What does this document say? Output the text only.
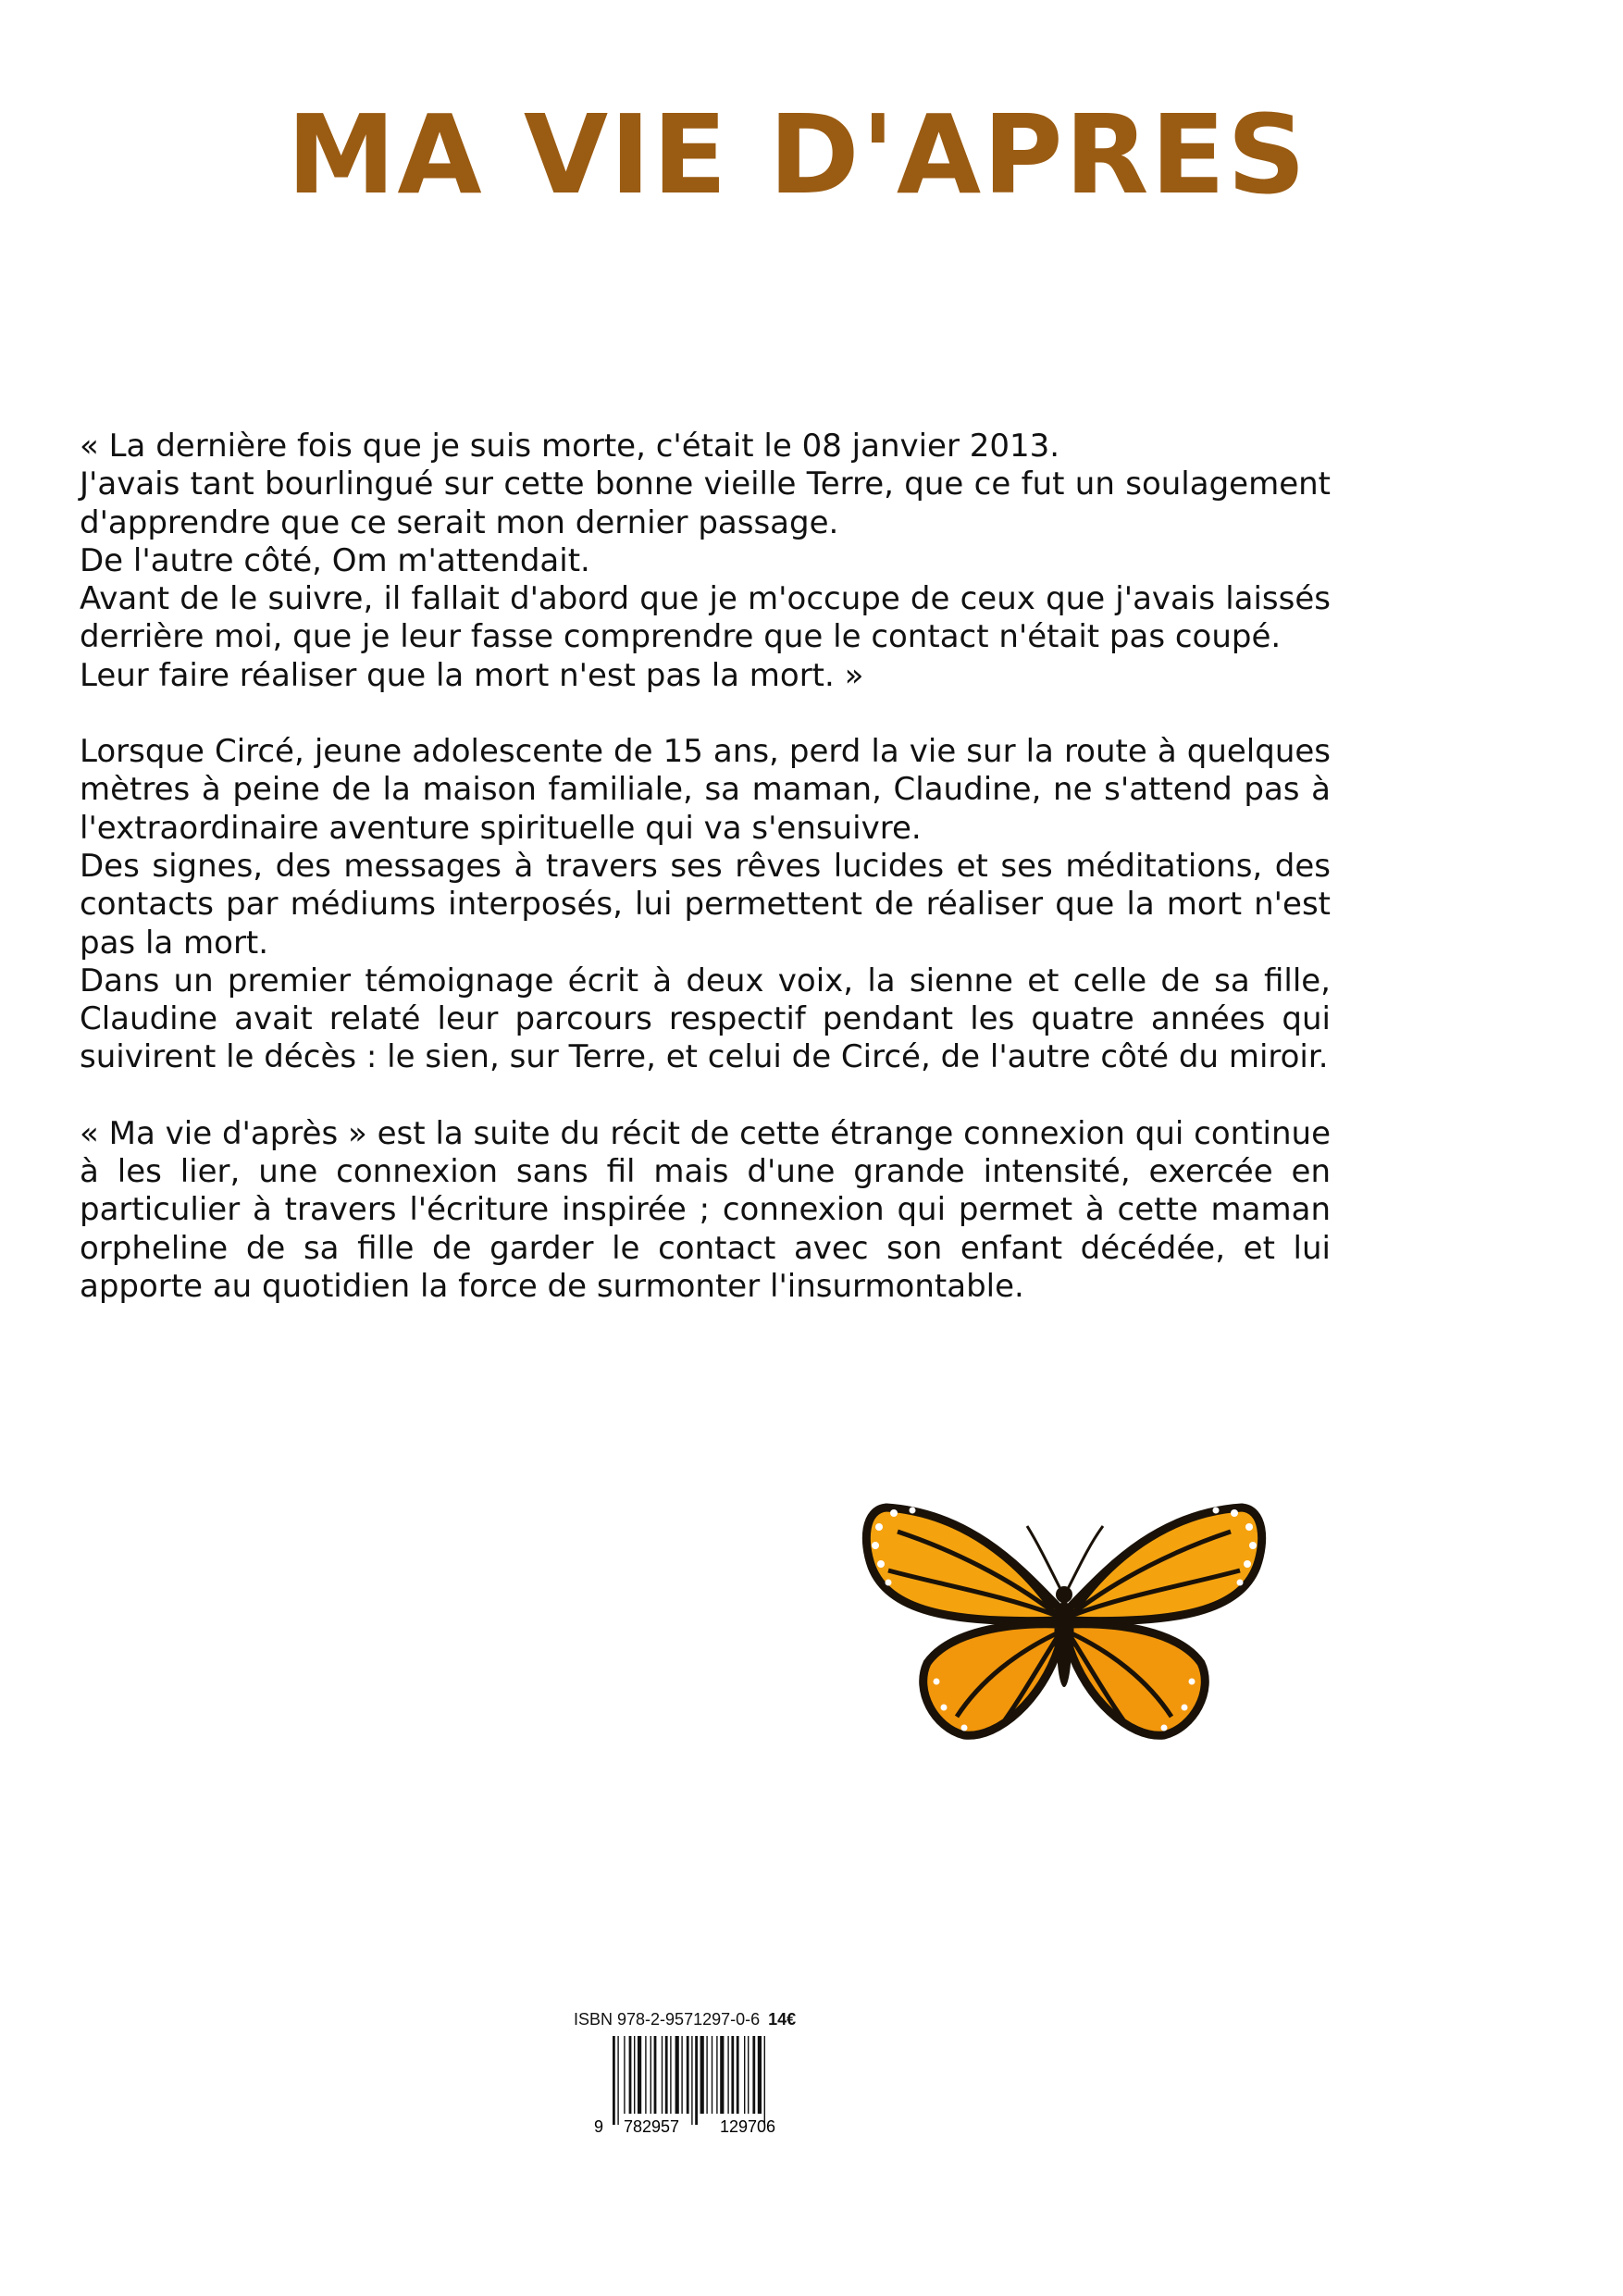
MA VIE D'APRES

« La dernière fois que je suis morte, c'était le 08 janvier 2013.
J'avais tant bourlingué sur cette bonne vieille Terre, que ce fut un soulagement d'apprendre que ce serait mon dernier passage.
De l'autre côté, Om m'attendait.
Avant de le suivre, il fallait d'abord que je m'occupe de ceux que j'avais laissés derrière moi, que je leur fasse comprendre que le contact n'était pas coupé.
Leur faire réaliser que la mort n'est pas la mort. »

Lorsque Circé, jeune adolescente de 15 ans, perd la vie sur la route à quelques mètres à peine de la maison familiale, sa maman, Claudine, ne s'attend pas à l'extraordinaire aventure spirituelle qui va s'ensuivre.
Des signes, des messages à travers ses rêves lucides et ses méditations, des contacts par médiums interposés, lui permettent de réaliser que la mort n'est pas la mort.
Dans un premier témoignage écrit à deux voix, la sienne et celle de sa fille, Claudine avait relaté leur parcours respectif pendant les quatre années qui suivirent le décès : le sien, sur Terre, et celui de Circé, de l'autre côté du miroir.

« Ma vie d'après » est la suite du récit de cette étrange connexion qui continue à les lier, une connexion sans fil mais d'une grande intensité, exercée en particulier à travers l'écriture inspirée ; connexion qui permet à cette maman orpheline de sa fille de garder le contact avec son enfant décédée, et lui apporte au quotidien la force de surmonter l'insurmontable.

ISBN 978-2-9571297-0-6 14€
9 782957 129706
